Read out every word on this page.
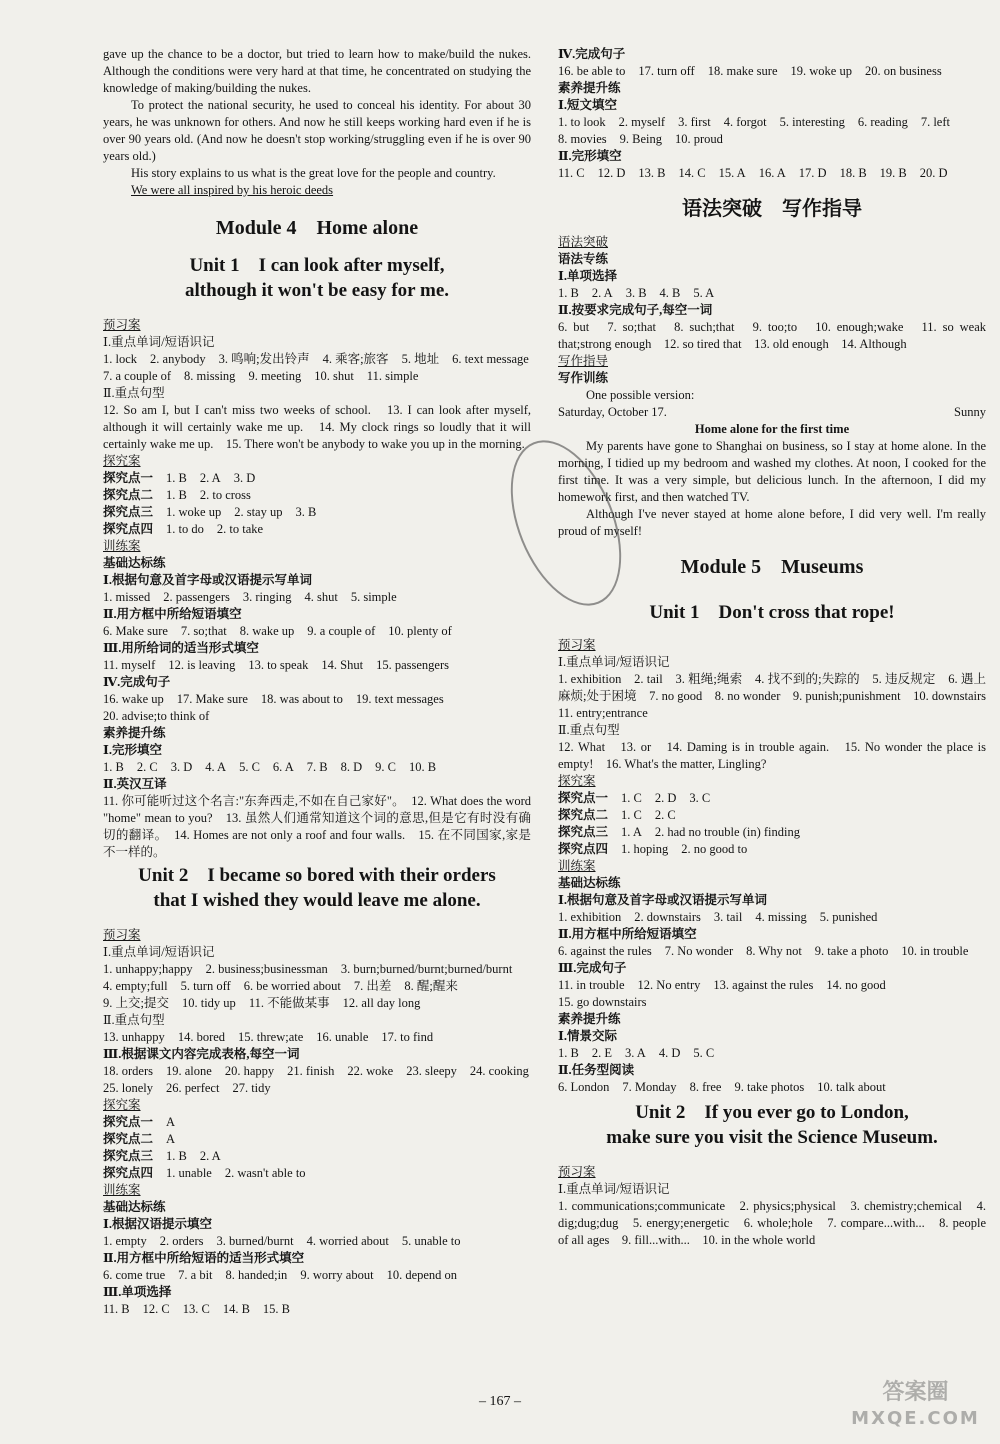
gave up the chance to be a doctor, but tried to learn how to make/build the nukes. Although the conditions were very hard at that time, he concentrated on studying the knowledge of making/building the nukes.

To protect the national security, he used to conceal his identity. For about 30 years, he was unknown for others. And now he still keeps working hard even if he is over 90 years old. (And now he doesn't stop working/struggling even if he is over 90 years old.)

His story explains to us what is the great love for the people and country.

We were all inspired by his heroic deeds

Module 4　Home alone
Unit 1　I can look after myself,
although it won't be easy for me.

预习案

Ⅰ.重点单词/短语识记

1. lock 2. anybody 3. 鸣响;发出铃声 4. 乘客;旅客 5. 地址 6. text message
7. a couple of 8. missing 9. meeting 10. shut 11. simple

Ⅱ.重点句型

12. So am I, but I can't miss two weeks of school.　13. I can look after myself, although it will certainly wake me up.　14. My clock rings so loudly that it will certainly wake me up.　15. There won't be anybody to wake you up in the morning.

探究案

探究点一 1. B 2. A 3. D
探究点二 1. B 2. to cross
探究点三 1. woke up 2. stay up 3. B
探究点四 1. to do 2. to take

训练案

基础达标练

Ⅰ.根据句意及首字母或汉语提示写单词

1. missed 2. passengers 3. ringing 4. shut 5. simple

Ⅱ.用方框中所给短语填空

6. Make sure 7. so;that 8. wake up 9. a couple of 10. plenty of

Ⅲ.用所给词的适当形式填空

11. myself 12. is leaving 13. to speak 14. Shut 15. passengers

Ⅳ.完成句子

16. wake up 17. Make sure 18. was about to 19. text messages
20. advise;to think of

素养提升练

Ⅰ.完形填空

1. B 2. C 3. D 4. A 5. C 6. A 7. B 8. D 9. C 10. B

Ⅱ.英汉互译

11. 你可能听过这个名言:"东奔西走,不如在自己家好"。　12. What does the word "home" mean to you?　13. 虽然人们通常知道这个词的意思,但是它有时没有确切的翻译。　14. Homes are not only a roof and four walls.　15. 在不同国家,家是不一样的。

Unit 2　I became so bored with their orders
that I wished they would leave me alone.

预习案

Ⅰ.重点单词/短语识记

1. unhappy;happy 2. business;businessman 3. burn;burned/burnt;burned/burnt
4. empty;full 5. turn off 6. be worried about 7. 出差 8. 醒;醒来
9. 上交;提交 10. tidy up 11. 不能做某事 12. all day long

Ⅱ.重点句型

13. unhappy 14. bored 15. threw;ate 16. unable 17. to find

Ⅲ.根据课文内容完成表格,每空一词

18. orders 19. alone 20. happy 21. finish 22. woke 23. sleepy 24. cooking
25. lonely 26. perfect 27. tidy

探究案

探究点一 A
探究点二 A
探究点三 1. B 2. A
探究点四 1. unable 2. wasn't able to

训练案

基础达标练

Ⅰ.根据汉语提示填空

1. empty 2. orders 3. burned/burnt 4. worried about 5. unable to

Ⅱ.用方框中所给短语的适当形式填空

6. come true 7. a bit 8. handed;in 9. worry about 10. depend on

Ⅲ.单项选择

11. B 12. C 13. C 14. B 15. B

Ⅳ.完成句子

16. be able to 17. turn off 18. make sure 19. woke up 20. on business

素养提升练

Ⅰ.短文填空

1. to look 2. myself 3. first 4. forgot 5. interesting 6. reading 7. left
8. movies 9. Being 10. proud

Ⅱ.完形填空

11. C 12. D 13. B 14. C 15. A 16. A 17. D 18. B 19. B 20. D
语法突破　写作指导

语法突破

语法专练

Ⅰ.单项选择

1. B 2. A 3. B 4. B 5. A

Ⅱ.按要求完成句子,每空一词

6. but　7. so;that　8. such;that　9. too;to　10. enough;wake　11. so weak that;strong enough　12. so tired that　13. old enough　14. Although

写作指导

写作训练

One possible version:

Saturday, October 17.	Sunny

Home alone for the first time

My parents have gone to Shanghai on business, so I stay at home alone. In the morning, I tidied up my bedroom and washed my clothes. At noon, I cooked for the first time. It was a very simple, but delicious lunch. In the afternoon, I did my homework first, and then watched TV.

Although I've never stayed at home alone before, I did very well. I'm really proud of myself!

Module 5　Museums
Unit 1　Don't cross that rope!

预习案

Ⅰ.重点单词/短语识记

1. exhibition　2. tail　3. 粗绳;绳索　4. 找不到的;失踪的　5. 违反规定　6. 遇上麻烦;处于困境　7. no good　8. no wonder　9. punish;punishment　10. downstairs　11. entry;entrance

Ⅱ.重点句型

12. What　13. or　14. Daming is in trouble again.　15. No wonder the place is empty!　16. What's the matter, Lingling?

探究案

探究点一 1. C 2. D 3. C
探究点二 1. C 2. C
探究点三 1. A 2. had no trouble (in) finding
探究点四 1. hoping 2. no good to

训练案

基础达标练

Ⅰ.根据句意及首字母或汉语提示写单词

1. exhibition 2. downstairs 3. tail 4. missing 5. punished

Ⅱ.用方框中所给短语填空

6. against the rules 7. No wonder 8. Why not 9. take a photo 10. in trouble

Ⅲ.完成句子

11. in trouble 12. No entry 13. against the rules 14. no good
15. go downstairs

素养提升练

Ⅰ.情景交际

1. B 2. E 3. A 4. D 5. C

Ⅱ.任务型阅读

6. London 7. Monday 8. free 9. take photos 10. talk about
Unit 2　If you ever go to London,
make sure you visit the Science Museum.

预习案

Ⅰ.重点单词/短语识记

1. communications;communicate　2. physics;physical　3. chemistry;chemical　4. dig;dug;dug　5. energy;energetic　6. whole;hole　7. compare...with...　8. people of all ages　9. fill...with...　10. in the whole world

– 167 –	答案圈
MXQE.COM
